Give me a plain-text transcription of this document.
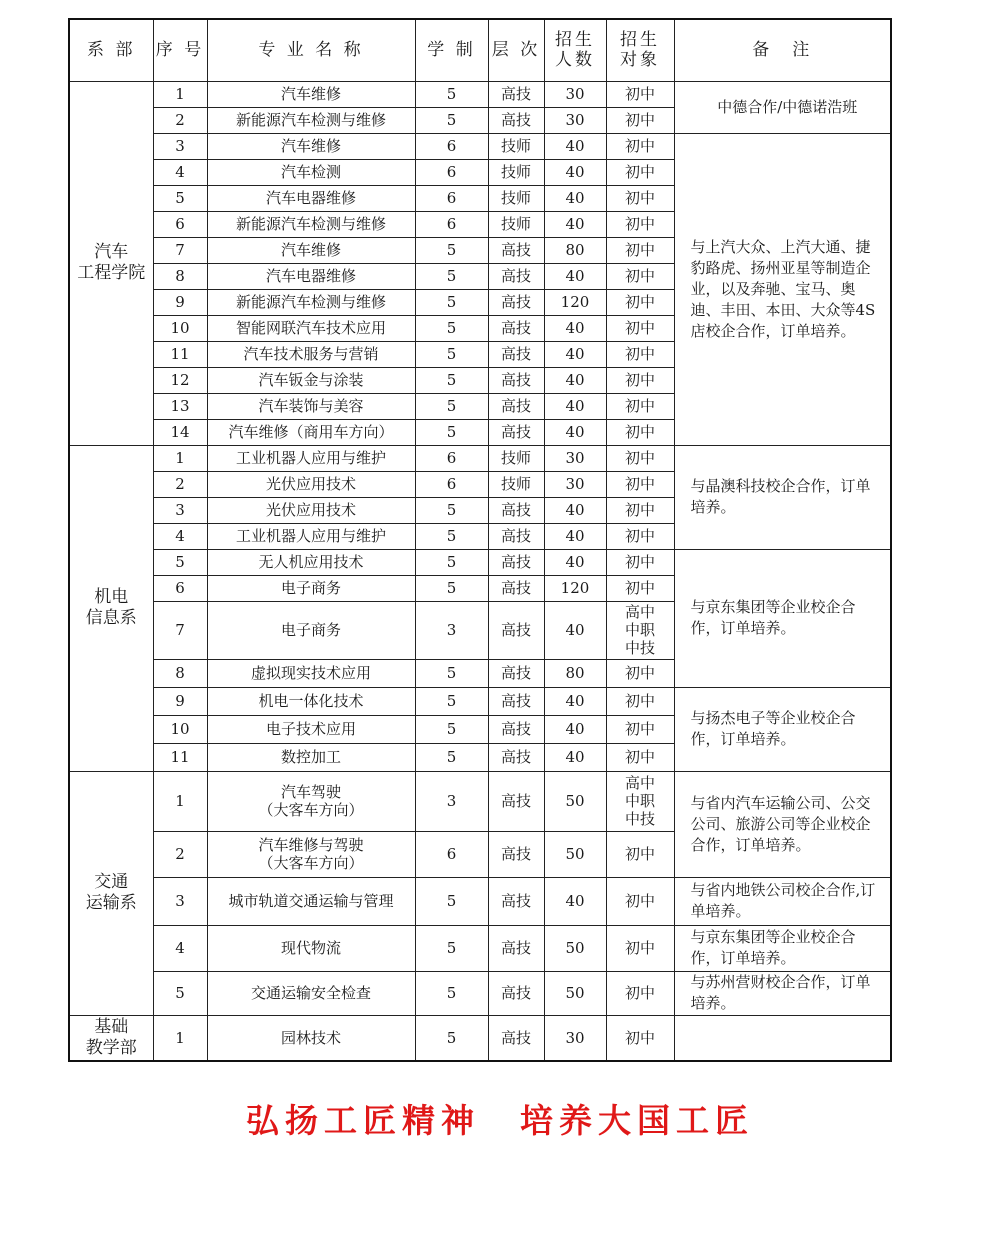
系 部	序 号	专 业 名 称	学 制	层 次	招生
人数	招生
对象	备　注
汽车
工程学院	1	汽车维修	5	高技	30	初中	中德合作/中德诺浩班
	2	新能源汽车检测与维修	5	高技	30	初中	
	3	汽车维修	6	技师	40	初中	与上汽大众、上汽大通、捷豹路虎、扬州亚星等制造企业，以及奔驰、宝马、奥迪、丰田、本田、大众等4S店校企合作，订单培养。
	4	汽车检测	6	技师	40	初中	
	5	汽车电器维修	6	技师	40	初中	
	6	新能源汽车检测与维修	6	技师	40	初中	
	7	汽车维修	5	高技	80	初中	
	8	汽车电器维修	5	高技	40	初中	
	9	新能源汽车检测与维修	5	高技	120	初中	
	10	智能网联汽车技术应用	5	高技	40	初中	
	11	汽车技术服务与营销	5	高技	40	初中	
	12	汽车钣金与涂装	5	高技	40	初中	
	13	汽车装饰与美容	5	高技	40	初中	
	14	汽车维修（商用车方向）	5	高技	40	初中	
机电
信息系	1	工业机器人应用与维护	6	技师	30	初中	与晶澳科技校企合作，订单培养。
	2	光伏应用技术	6	技师	30	初中	
	3	光伏应用技术	5	高技	40	初中	
	4	工业机器人应用与维护	5	高技	40	初中	
	5	无人机应用技术	5	高技	40	初中	与京东集团等企业校企合作，订单培养。
	6	电子商务	5	高技	120	初中	
	7	电子商务	3	高技	40	高中
中职
中技	
	8	虚拟现实技术应用	5	高技	80	初中	
	9	机电一体化技术	5	高技	40	初中	与扬杰电子等企业校企合作，订单培养。
	10	电子技术应用	5	高技	40	初中	
	11	数控加工	5	高技	40	初中	
交通
运输系	1	汽车驾驶
（大客车方向）	3	高技	50	高中
中职
中技	与省内汽车运输公司、公交公司、旅游公司等企业校企合作，订单培养。
	2	汽车维修与驾驶
（大客车方向）	6	高技	50	初中	
	3	城市轨道交通运输与管理	5	高技	40	初中	与省内地铁公司校企合作,订单培养。
	4	现代物流	5	高技	50	初中	与京东集团等企业校企合作，订单培养。
	5	交通运输安全检查	5	高技	50	初中	与苏州营财校企合作，订单培养。
基础
教学部	1	园林技术	5	高技	30	初中	
弘扬工匠精神 培养大国工匠
